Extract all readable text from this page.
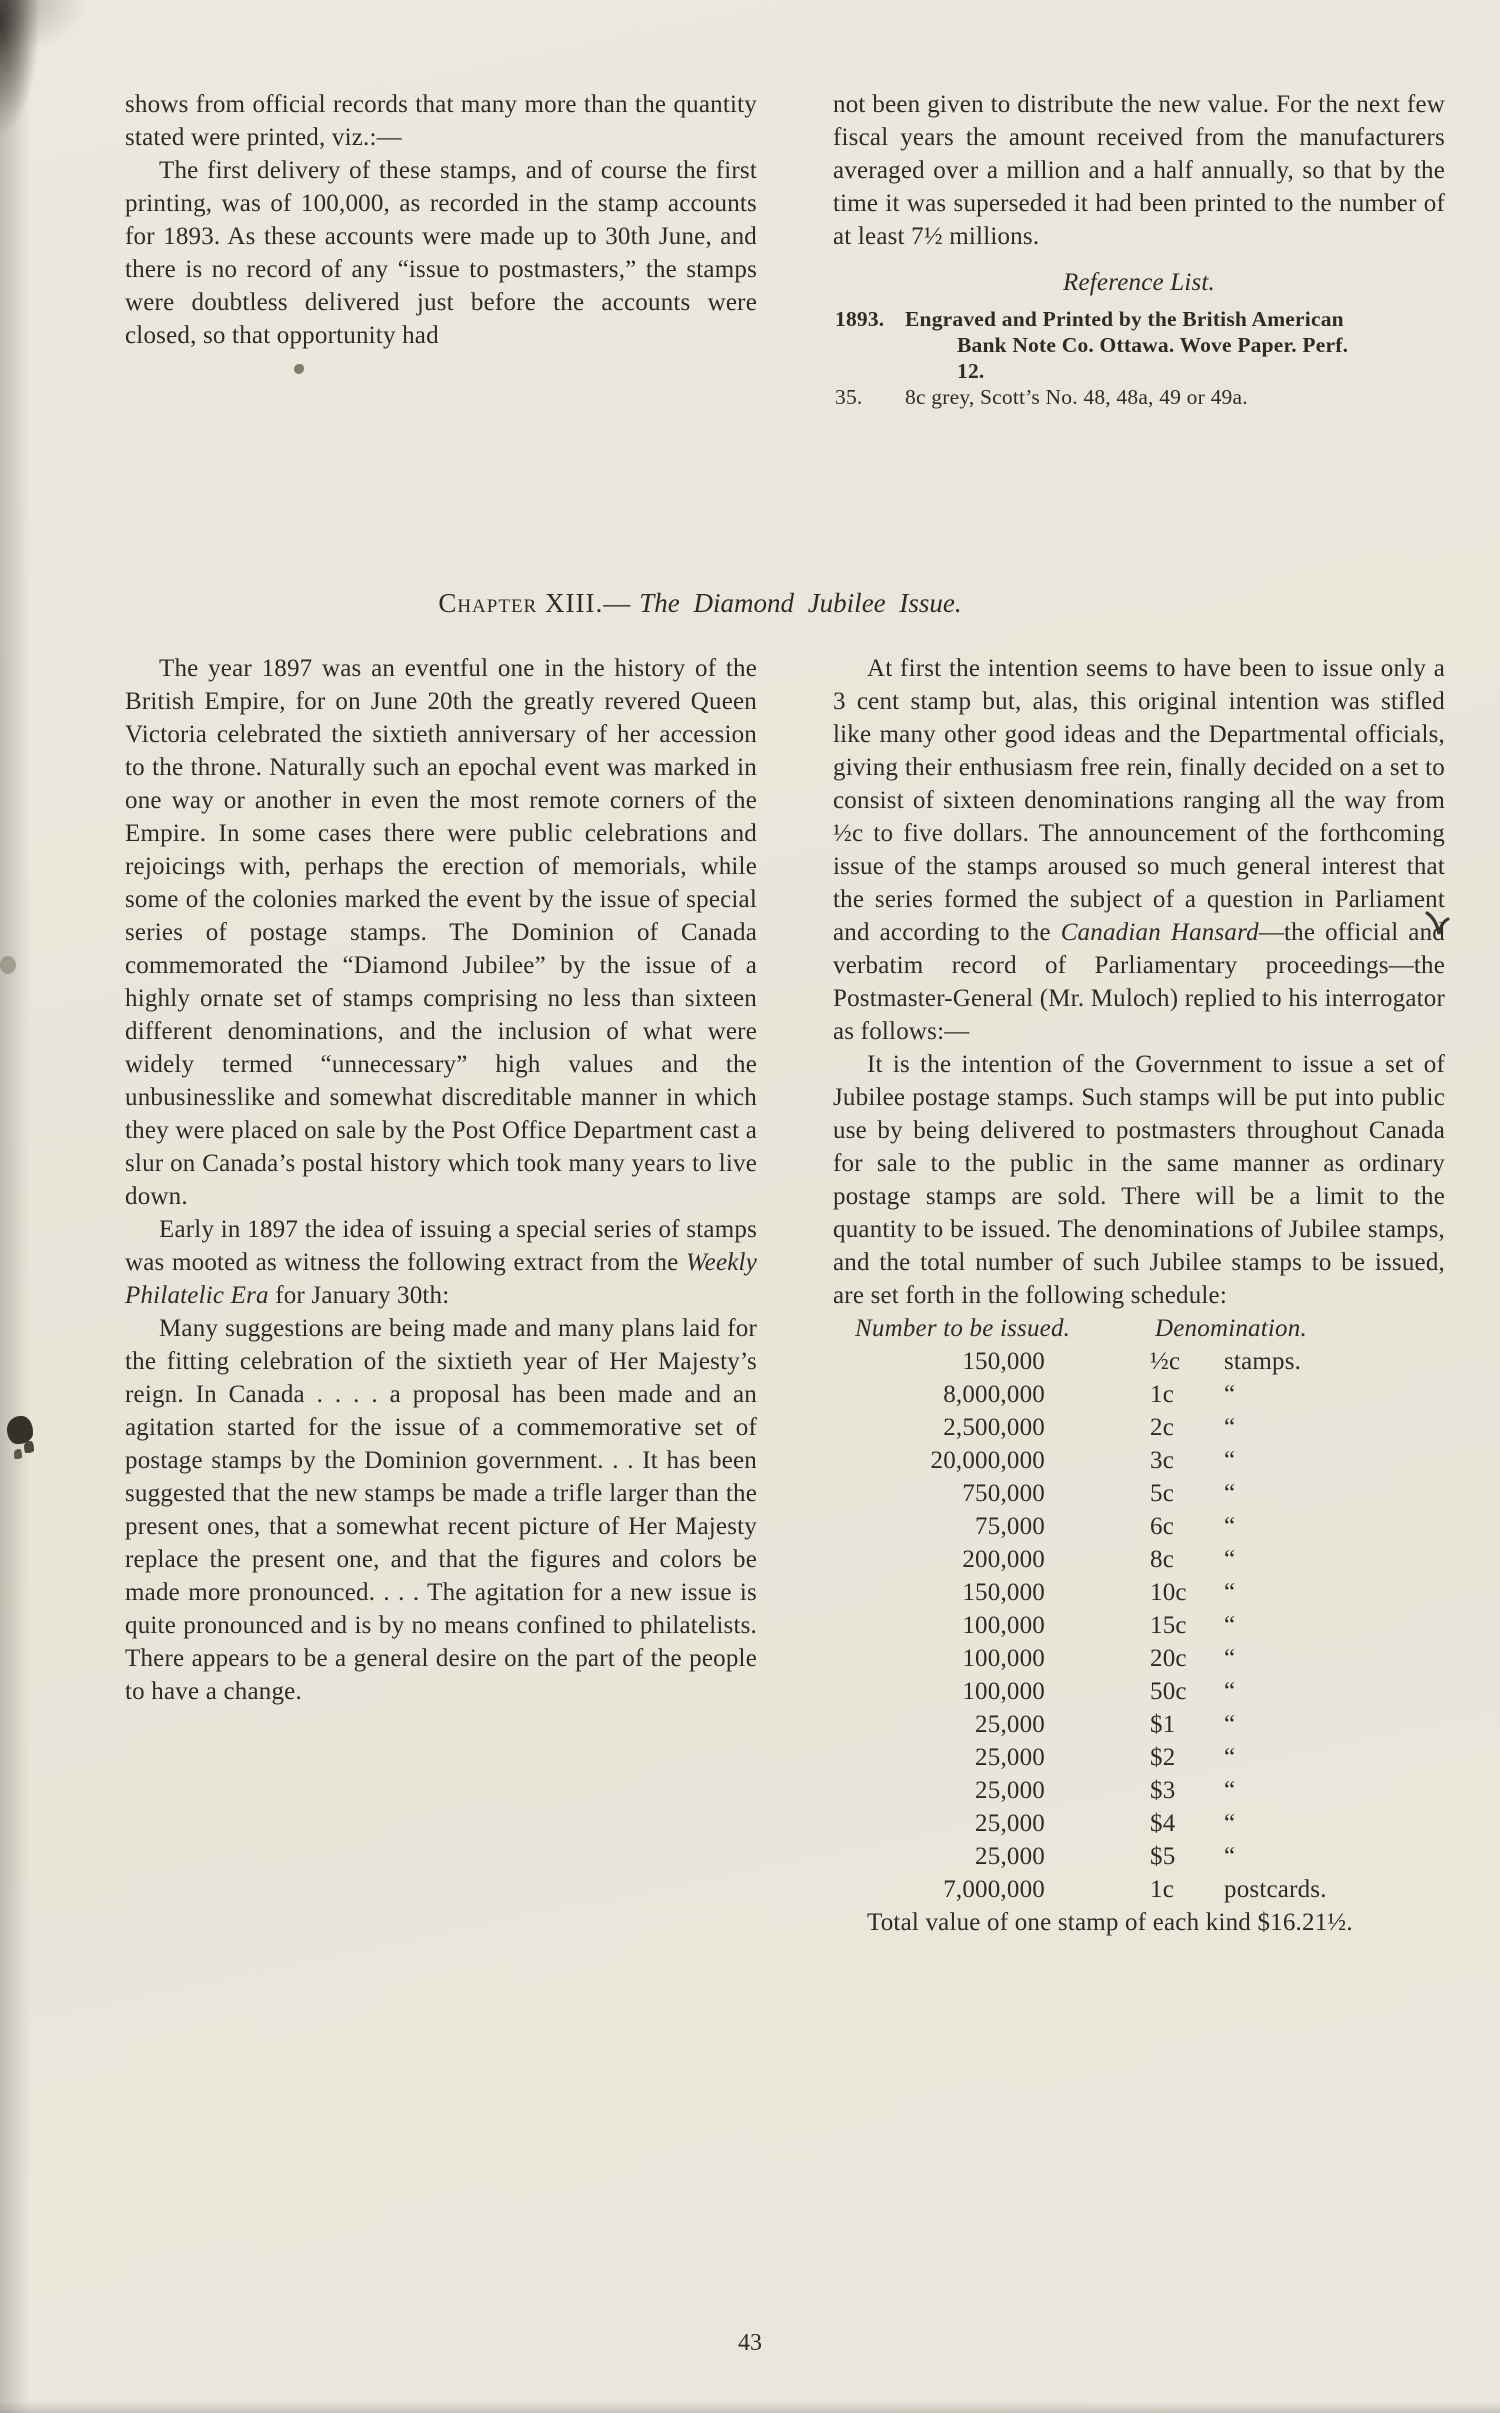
shows from official records that many more than the quantity stated were printed, viz.:—

The first delivery of these stamps, and of course the first printing, was of 100,000, as recorded in the stamp accounts for 1893. As these accounts were made up to 30th June, and there is no record of any “issue to postmasters,” the stamps were doubtless delivered just before the accounts were closed, so that opportunity had

not been given to distribute the new value. For the next few fiscal years the amount received from the manufacturers averaged over a million and a half annually, so that by the time it was superseded it had been printed to the number of at least 7½ millions.

Reference List.
1893. Engraved and Printed by the British American Bank Note Co. Ottawa. Wove Paper. Perf. 12.
35.	8c grey, Scott’s No. 48, 48a, 49 or 49a.
Chapter XIII.— The Diamond Jubilee Issue.

The year 1897 was an eventful one in the history of the British Empire, for on June 20th the greatly revered Queen Victoria celebrated the sixtieth anniversary of her accession to the throne. Naturally such an epochal event was marked in one way or another in even the most remote corners of the Empire. In some cases there were public celebrations and rejoicings with, perhaps the erection of memorials, while some of the colonies marked the event by the issue of special series of postage stamps. The Dominion of Canada commemorated the “Diamond Jubilee” by the issue of a highly ornate set of stamps comprising no less than sixteen different denominations, and the inclusion of what were widely termed “unnecessary” high values and the unbusinesslike and somewhat discreditable manner in which they were placed on sale by the Post Office Department cast a slur on Canada’s postal history which took many years to live down.

Early in 1897 the idea of issuing a special series of stamps was mooted as witness the following extract from the Weekly Philatelic Era for January 30th:

Many suggestions are being made and many plans laid for the fitting celebration of the sixtieth year of Her Majesty’s reign. In Canada . . . . a proposal has been made and an agitation started for the issue of a commemorative set of postage stamps by the Dominion government. . . It has been suggested that the new stamps be made a trifle larger than the present ones, that a somewhat recent picture of Her Majesty replace the present one, and that the figures and colors be made more pronounced. . . . The agitation for a new issue is quite pronounced and is by no means confined to philatelists. There appears to be a general desire on the part of the people to have a change.

At first the intention seems to have been to issue only a 3 cent stamp but, alas, this original intention was stifled like many other good ideas and the Departmental officials, giving their enthusiasm free rein, finally decided on a set to consist of sixteen denominations ranging all the way from ½c to five dollars. The announcement of the forthcoming issue of the stamps aroused so much general interest that the series formed the subject of a question in Parliament and according to the Canadian Hansard—the official and verbatim record of Parliamentary proceedings—the Postmaster-General (Mr. Muloch) replied to his interrogator as follows:—

It is the intention of the Government to issue a set of Jubilee postage stamps. Such stamps will be put into public use by being delivered to postmasters throughout Canada for sale to the public in the same manner as ordinary postage stamps are sold. There will be a limit to the quantity to be issued. The denominations of Jubilee stamps, and the total number of such Jubilee stamps to be issued, are set forth in the following schedule:

Number to be issued.	Denomination.
150,000	½c	stamps.
8,000,000	1c	“
2,500,000	2c	“
20,000,000	3c	“
750,000	5c	“
75,000	6c	“
200,000	8c	“
150,000	10c	“
100,000	15c	“
100,000	20c	“
100,000	50c	“
25,000	$1	“
25,000	$2	“
25,000	$3	“
25,000	$4	“
25,000	$5	“
7,000,000	1c	postcards.

Total value of one stamp of each kind $16.21½.

43
